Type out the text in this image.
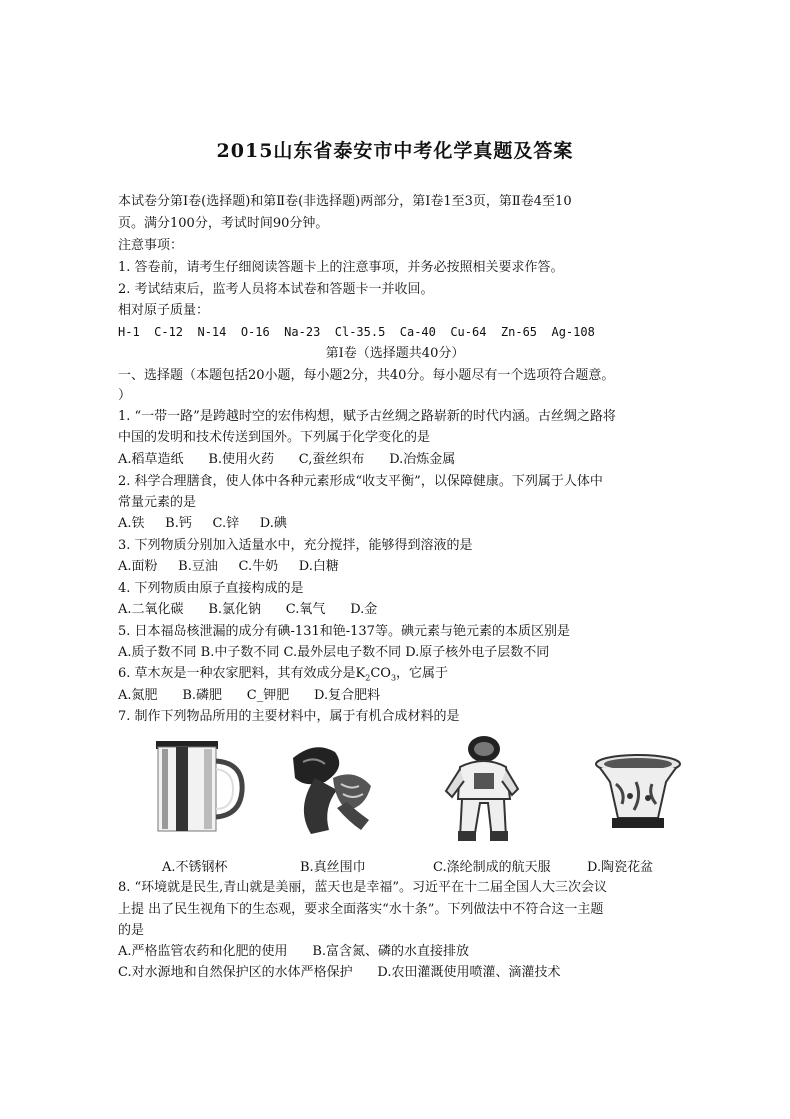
2015山东省泰安市中考化学真题及答案
本试卷分第Ⅰ卷(选择题)和第Ⅱ卷(非选择题)两部分，第Ⅰ卷1至3页，第Ⅱ卷4至10
页。满分100分，考试时间90分钟。
注意事项：
1. 答卷前，请考生仔细阅读答题卡上的注意事项，并务必按照相关要求作答。
2. 考试结束后，监考人员将本试卷和答题卡一并收回。
相对原子质量：
H-1  C-12  N-14  O-16  Na-23  Cl-35.5  Ca-40  Cu-64  Zn-65  Ag-108
第Ⅰ卷（选择题共40分）
一、选择题（本题包括20小题，每小题2分，共40分。每小题尽有一个选项符合题意。
）
1. “一带一路”是跨越时空的宏伟构想，赋予古丝绸之路崭新的时代内涵。古丝绸之路将
中国的发明和技术传送到国外。下列属于化学变化的是
A.稻草造纸      B.使用火药      C,蚕丝织布      D.冶炼金属
2. 科学合理膳食，使人体中各种元素形成“收支平衡”，以保障健康。下列属于人体中
常量元素的是
A.铁     B.钙     C.锌     D.碘
3. 下列物质分别加入适量水中，充分搅拌，能够得到溶液的是
A.面粉     B.豆油     C.牛奶     D.白糖
4. 下列物质由原子直接构成的是
A.二氧化碳      B.氯化钠      C.氧气      D.金
5. 日本福岛核泄漏的成分有碘-131和铯-137等。碘元素与铯元素的本质区别是
A.质子数不同 B.中子数不同 C.最外层电子数不同 D.原子核外电子层数不同
6. 草木灰是一种农家肥料，其有效成分是$K_2CO_3$，它属于
A.氮肥      B.磷肥      C_钾肥      D.复合肥料
7. 制作下列物品所用的主要材料中，属于有机合成材料的是
A.不锈钢杯	B.真丝围巾	C.涤纶制成的航天服	D.陶瓷花盆
8. “环境就是民生,青山就是美丽，蓝天也是幸福”。习近平在十二届全国人大三次会议
上提 出了民生视角下的生态观，要求全面落实“水十条”。下列做法中不符合这一主题
的是
A.严格监管农药和化肥的使用      B.富含氮、磷的水直接排放
C.对水源地和自然保护区的水体严格保护      D.农田灌溉使用喷灌、滴灌技术
